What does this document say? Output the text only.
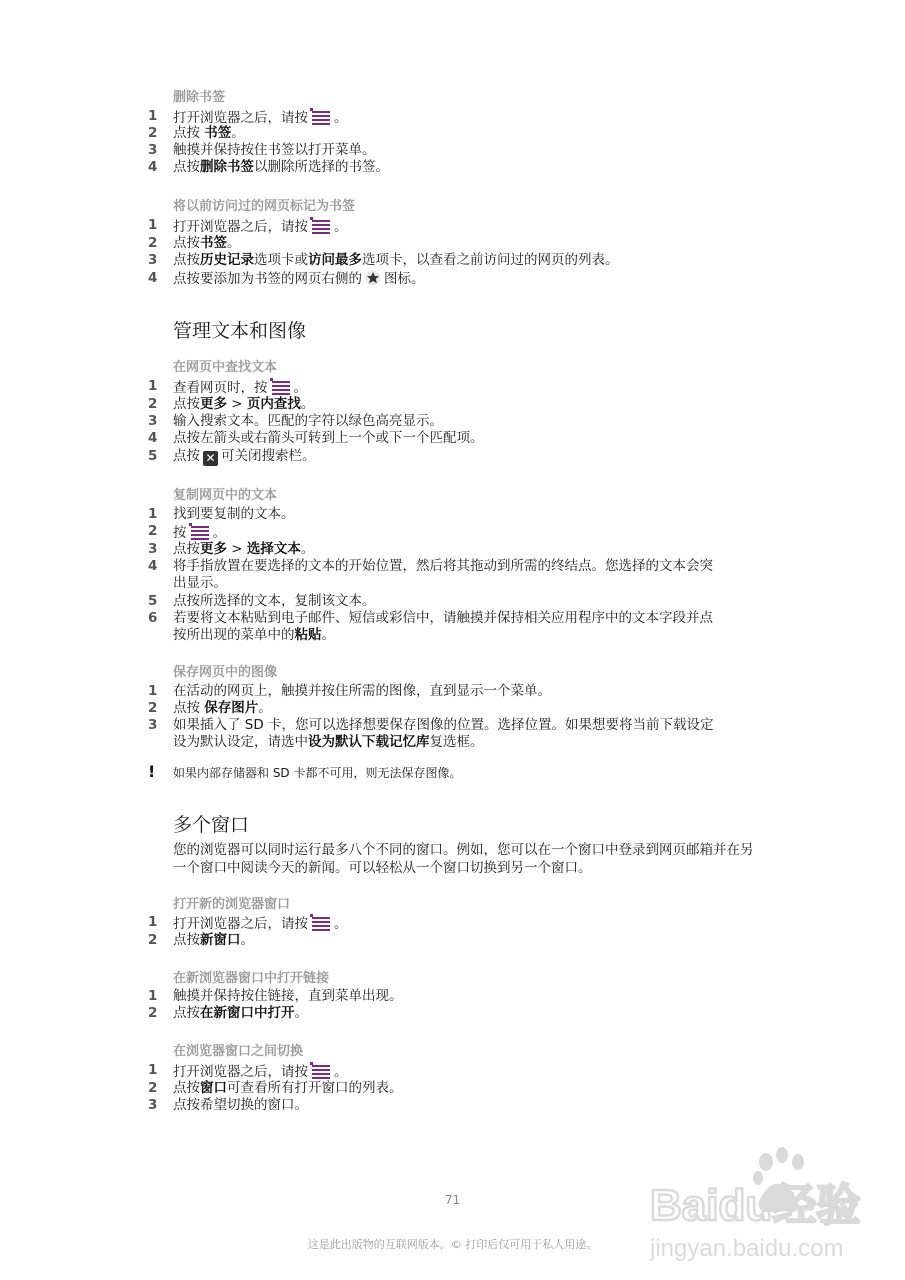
删除书签
1	打开浏览器之后，请按 。
2	点按 书签。
3	触摸并保持按住书签以打开菜单。
4	点按删除书签以删除所选择的书签。
将以前访问过的网页标记为书签
1	打开浏览器之后，请按 。
2	点按书签。
3	点按历史记录选项卡或访问最多选项卡，以查看之前访问过的网页的列表。
4	点按要添加为书签的网页右侧的 图标。
管理文本和图像
在网页中查找文本
1	查看网页时，按 。
2	点按更多 > 页内查找。
3	输入搜索文本。匹配的字符以绿色高亮显示。
4	点按左箭头或右箭头可转到上一个或下一个匹配项。
5	点按 ✕ 可关闭搜索栏。
复制网页中的文本
1	找到要复制的文本。
2	按 。
3	点按更多 > 选择文本。
4	将手指放置在要选择的文本的开始位置，然后将其拖动到所需的终结点。您选择的文本会突出显示。
5	点按所选择的文本，复制该文本。
6	若要将文本粘贴到电子邮件、短信或彩信中，请触摸并保持相关应用程序中的文本字段并点按所出现的菜单中的粘贴。
保存网页中的图像
1	在活动的网页上，触摸并按住所需的图像，直到显示一个菜单。
2	点按 保存图片。
3	如果插入了 SD 卡，您可以选择想要保存图像的位置。选择位置。如果想要将当前下载设定设为默认设定，请选中设为默认下载记忆库复选框。
! 如果内部存储器和 SD 卡都不可用，则无法保存图像。
多个窗口
您的浏览器可以同时运行最多八个不同的窗口。例如，您可以在一个窗口中登录到网页邮箱并在另一个窗口中阅读今天的新闻。可以轻松从一个窗口切换到另一个窗口。
打开新的浏览器窗口
1	打开浏览器之后，请按 。
2	点按新窗口。
在新浏览器窗口中打开链接
1	触摸并保持按住链接，直到菜单出现。
2	点按在新窗口中打开。
在浏览器窗口之间切换
1	打开浏览器之后，请按 。
2	点按窗口可查看所有打开窗口的列表。
3	点按希望切换的窗口。
71
这是此出版物的互联网版本。© 打印后仅可用于私人用途。
Baidu经验
jingyan.baidu.com
